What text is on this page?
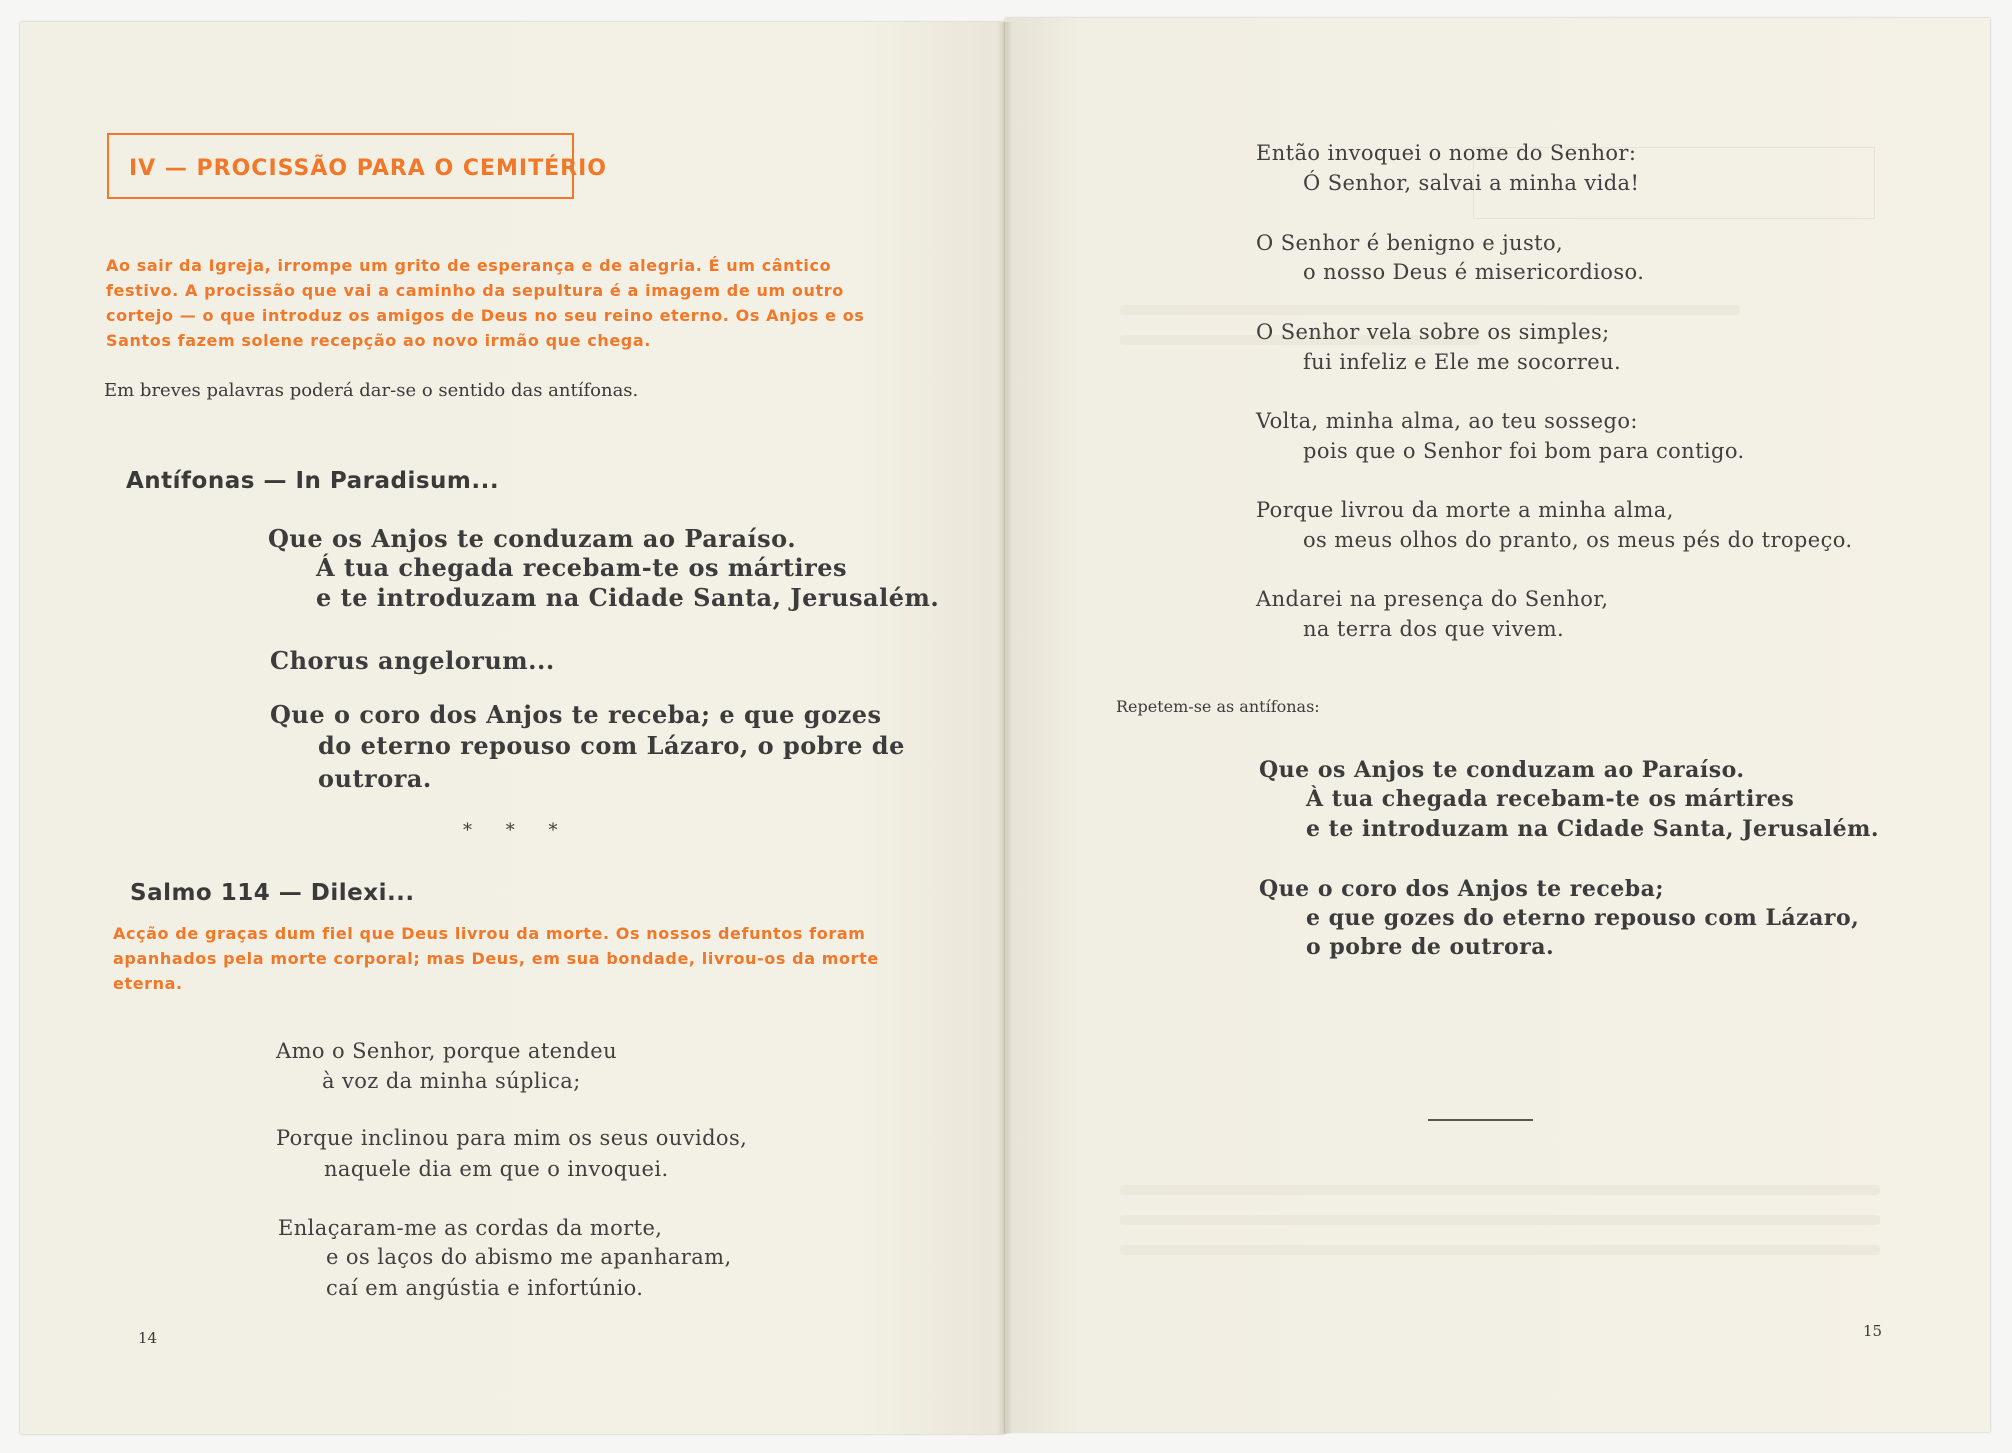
IV — PROCISSÃO PARA O CEMITÉRIO
Ao sair da Igreja, irrompe um grito de esperança e de alegria. É um cântico festivo. A procissão que vai a caminho da sepultura é a imagem de um outro cortejo — o que introduz os amigos de Deus no seu reino eterno. Os Anjos e os Santos fazem solene recepção ao novo irmão que chega.
Em breves palavras poderá dar-se o sentido das antífonas.
Antífonas — In Paradisum...
Que os Anjos te conduzam ao Paraíso.
Á tua chegada recebam-te os mártires
e te introduzam na Cidade Santa, Jerusalém.
Chorus angelorum...
Que o coro dos Anjos te receba; e que gozes
do eterno repouso com Lázaro, o pobre de
outrora.
* * *
Salmo 114 — Dilexi...
Acção de graças dum fiel que Deus livrou da morte. Os nossos defuntos foram apanhados pela morte corporal; mas Deus, em sua bondade, livrou-os da morte eterna.
Amo o Senhor, porque atendeu
à voz da minha súplica;
Porque inclinou para mim os seus ouvidos,
naquele dia em que o invoquei.
Enlaçaram-me as cordas da morte,
e os laços do abismo me apanharam,
caí em angústia e infortúnio.
14
Então invoquei o nome do Senhor:
Ó Senhor, salvai a minha vida!
O Senhor é benigno e justo,
o nosso Deus é misericordioso.
O Senhor vela sobre os simples;
fui infeliz e Ele me socorreu.
Volta, minha alma, ao teu sossego:
pois que o Senhor foi bom para contigo.
Porque livrou da morte a minha alma,
os meus olhos do pranto, os meus pés do tropeço.
Andarei na presença do Senhor,
na terra dos que vivem.
Repetem-se as antífonas:
Que os Anjos te conduzam ao Paraíso.
À tua chegada recebam-te os mártires
e te introduzam na Cidade Santa, Jerusalém.
Que o coro dos Anjos te receba;
e que gozes do eterno repouso com Lázaro,
o pobre de outrora.
15
